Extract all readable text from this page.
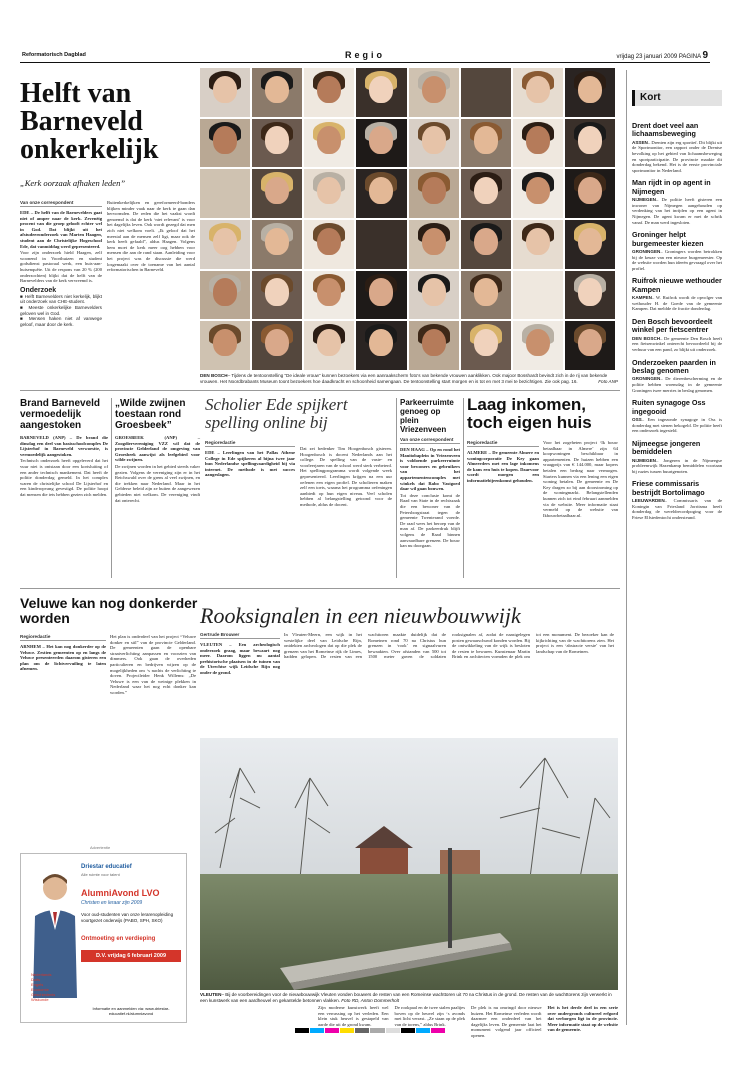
Reformatorisch Dagblad	Regio	vrijdag 23 januari 2009 PAGINA 9
Helft van Barneveld onkerkelijk
„Kerk oorzaak afhaken leden”
Van onze correspondent

EDE – De helft van de Barnevelders gaat niet of amper naar de kerk. Zevenëig procent van die groep gelooft echter wel in God. Dat blijkt uit het afstudeeronderzoek van Marten Haagen, student aan de Christelijke Hogeschool Ede, dat vanmiddag werd gepresenteerd.

Voor zijn onderzoek hield Haagen, zelf woonend in Voorthuizen en student godsdienst pastoraal werk, een huis-aan-huisenquête. Uit de respons van 20 % (200 onderzochten) blijkt dat de helft van de Barnevelders van de kerk vervreemd is.

Onderzoek
■ Helft Barnevelders niet kerkelijk, blijkt uit onderzoek van CHE-student.
■ Meeste onkerkelijke Barnevelders geloven wel in God.
■ Mensen haken niet af vanwege geloof, maar door de kerk.

Buitenkerkelijken en gereformeerd-bonders blijken minder vaak naar de kerk te gaan dan hervormden. De reden die het vaakst wordt genoemd is dat de kerk ‘niet relevant’ is voor het dagelijks leven. Ook wordt gezegd dat men zich niet welkom voelt. „Ik geloof dat het meestal aan de mensen zelf ligt, maar ook de kerk heeft gefaald”, aldus Haagen. Volgens hem moet de kerk meer oog hebben voor mensen die aan de rand staan. Aanleiding voor het project was de discussie die werd losgemaakt over de toename van het aantal reformatorischen in Barneveld.

DEN BOSCH– Tijdens de tentoonstelling “De ideale vrouw” kunnen bezoekers via een aanraakscherm foto’s van bekende vrouwen aanklikken. Ook majoor Bosshardt bevindt zich in de rij van bekende vrouwen. Het Noordbrabants Museum toont bezoekers hoe daadkracht en schoonheid samengaan. De tentoonstelling start morgen en is tot en met 3 mei te bezichtigen. Zie ook pag. 16.	Foto ANP
Brand Barneveld vermoedelijk aangestoken

BARNEVELD (ANP) – De brand die dinsdag een deel van basisschoolcomplex De Lijsterhof in Barneveld verwoestte, is vermoedelijk aangestoken.

Technisch onderzoek heeft opgeleverd dat het vuur niet is ontstaan door een kortsluiting of een ander technisch mankement. Dat heeft de politie donderdag gemeld. In het complex waren de christelijke school De Lijsterhof en een kinderopvang gevestigd. De politie hoopt dat mensen die iets hebben gezien zich melden.

„Wilde zwijnen toestaan rond Groesbeek”

GROESBEEK (ANP) – Zoogdiervereniging VZZ wil dat de provincie Gelderland de omgeving van Groesbeek aanwijst als leefgebied voor wilde zwijnen.

De zwijnen worden in het gebied steeds vaker gezien. Volgens de vereniging zijn er in het Reichswald over de grens al veel zwijnen, en die trekken naar Nederland. Maar in het Gelderse beleid zijn ze buiten de aangewezen gebieden niet welkom. De vereniging vindt dat onterecht.

Scholier Ede spijkert spelling online bij
Regioredactie

EDE – Leerlingen van het Pallas Athene College in Ede spijkeren al bijna twee jaar hun Nederlandse spellingvaardigheid bij via internet. De methode is met succes aangeslagen.

Dat zei bedenker Tim Hoogenbosch gisteren. Hoogenbosch is docent Nederlands aan het college. De spelling van de vaste- en voorleerjaren van de school werd sterk verbeterd. Het spellingprogramma wordt volgende week gepresenteerd. Leerlingen krijgen na een uur oefenen een eigen profiel. De scholieren maken zelf een toets, waarna het programma oefeningen aanbiedt op hun eigen niveau. Veel scholen hebben al belangstelling getoond voor de methode, aldus de docent.

Parkeerruimte genoeg op plein Vriezenveen
Van onze correspondent

DEN HAAG – Op en rond het Manitobaplein in Vriezenveen is voldoende parkeerruimte voor bewoners en gebruikers van het appartementencomplex met winkels dat Rabo Vastgoed daar wil gaan bouwen.

Tot deze conclusie komt de Raad van State in de rechtszaak die een bewoner van de Petersborgstraat tegen de gemeente Twenterand voerde. De raad wees het beroep van de man af. De parkeerdruk blijft volgens de Raad binnen aanvaardbare grenzen. De bouw kan nu doorgaan.

Laag inkomen, toch eigen huis
Regioredactie

ALMERE – De gemeente Almere en woningcorporatie De Key gaan Almeerders met een lage inkomens de kans een huis te kopen. Daarvoor wordt morgen een informatiebijeenkomst gehouden.

Voor het zogeheten project ‘Ik bouw betaalbaar in Almere’ zijn 64 koopwoningen beschikbaar in appartementen. De huizen hebben een vraagprijs van € 144.000, maar kopers betalen een bedrag naar vermogen. Starters kunnen via een lening een eigen woning betalen. De gemeente en De Key dragen zo bij aan doorstroming op de woningmarkt. Belangstellenden kunnen zich tot eind februari aanmelden via de website. Meer informatie staat vermeld op de website van Ikbouwbetaalbaar.nl.

Veluwe kan nog donkerder worden
Regioredactie

ARNHEM – Het kan nog donkerder op de Veluwe. Zestien gemeenten op en langs de Veluwe presenteerden daarom gisteren een plan om de lichtvervuiling te laten afnemen.

Het plan is onderdeel van het project “Veluwe donker en stil” van de provincie Gelderland. De gemeenten gaan de openbare straatverlichting aanpassen en voorzien van dimmers. Ook gaan de overheden particulieren en bedrijven wijzen op de mogelijkheden om ‘s nachts de verlichting te doven. Projectleider Henk Willems: „De Veluwe is een van de weinige plekken in Nederland waar het nog echt donker kan worden.”

Rooksignalen in een nieuwbouwwijk
Gertrude Brouwer

VLEUTEN – Een archeologisch onderzoek graag, maar bewaart nog meer. Daarom liggen nu aantal prehistorische plaatsen in de tuinen van de Utrechtse wijk Leidsche Rijn nog onder de grond.

In Vleuten-Meern, een wijk in het westelijke deel van Leidsche Rijn, ontdekten archeologen dat op die plek de grenzen van het Romeinse rijk de Limes, hadden gelopen. De resten van een wachttoren maakte duidelijk dat de Romeinen rond 70 na Christus hun grenzen in ‘rook’ en signaalvuren bewaakten. Over afstanden van 500 tot 1500 meter gaven de soldaten rooksignalen af, zodat de naastgelegen posten gewaarschuwd konden worden. Bij de ontwikkeling van de wijk is besloten de resten te bewaren. Kunstenaar Martin Brink en architecten vormden de plek om tot een monument. De bezoeker kan de kijkrichting van de wachttorens zien. Het project is een ‘abstracte versie’ van het landschap van de Romeinen.

VLEUTEN– Bij de voorbereidingen voor de nieuwbouwwijk Vleuten vonden bouwers de resten van een Romeinse wachttoren uit 70 na Christus in de grond. De resten van de wachttorens zijn verwerkt in een kunstwerk van een aardheuvel en gekantelde betonnen vlakken. Foto RD, Anton Dommerholt

Zijn moderne kunstwerk heeft wel een verrassing op het verleden. Een klein stuk heuvel is gestapeld van aarde die uit de grond kwam.

De rookpaal en de twee stalen paaltjes boven op de heuvel zijn ‘s avonds met licht verrast. „Ze staan op de plek van de torens,” aldus Brink.

De plek is nu omringd door nieuwe huizen. Het Romeinse verleden wordt daarmee een onderdeel van het dagelijks leven. De gemeente laat het monument volgend jaar officieel openen.

Het is het derde deel in een serie over ondergronds cultureel erfgoed dat verborgen ligt in de provincie. Meer informatie staat op de website van de gemeente.

Advertentie
Driestar educatief
Alle ruimte voor talent
AlumniAvond LVO
Christen en leraar zijn 2009
Voor oud-studenten van onze lerarenopleiding voortgezet onderwijs (PABO, SPH, SKO)
Ontmoeting en verdieping
D.V. vrijdag 6 februari 2009
Nederlands
Duits
Engels
Economie
Geschiedenis
Wiskunde
Informatie en aanmelden via: www.driestar-educatief.nl/alumniavond
Kort
Drent doet veel aan lichaamsbeweging
ASSEN– Drenten zijn erg sportief. Dit blijkt uit de Sportmonitor, een rapport onder de Drentse bevolking op het gebied van lichaamsbeweging en sportparticipatie. De provincie maakte dit donderdag bekend. Het is de eerste provinciale sportmonitor in Nederland.
Man rijdt in op agent in Nijmegen
NIJMEGEN– De politie heeft gisteren een inwoner van Nijmegen aangehouden op verdenking van het inrijden op een agent in Nijmegen. De agent kwam er met de schrik vanaf. De man werd ingesloten.
Groninger helpt burgemeester kiezen
GRONINGEN– Groningers worden betrokken bij de keuze van een nieuwe burgemeester. Op de website worden hun ideeën gevraagd over het profiel.
Ruifrok nieuwe wethouder Kampen
KAMPEN– W. Ruifrok wordt de opvolger van wethouder H. de Goede van de gemeente Kampen. Dat meldde de fractie donderdag.
Den Bosch bevoordeelt winkel per fietscentrer
DEN BOSCH– De gemeente Den Bosch heeft een fietsenwinkel onterecht bevoordeeld bij de verhuur van een pand, zo blijkt uit onderzoek.
Onderzoeken paarden in beslag genomen
GRONINGEN– De dierenbescherming en de politie hebben woensdag in de gemeente Groningen twee merries in beslag genomen.
Ruiten synagoge Oss ingegooid
OSS– Een ingezonde synagoge in Oss is donderdag met stenen bekogeld. De politie heeft een onderzoek ingesteld.
Nijmeegse jongeren bemiddelen
NIJMEGEN– Jongeren in de Nijmeegse probleemwijk Hazenkamp bemiddelen voortaan bij ruzies tussen buurtgenoten.
Friese commissaris bestrijdt Bortolimago
LEEUWARDEN– Commissaris van de Koningin van Friesland Jorritsma heeft donderdag de wereldrecordpoging voor de Friese Elfstedentocht ondersteund.
